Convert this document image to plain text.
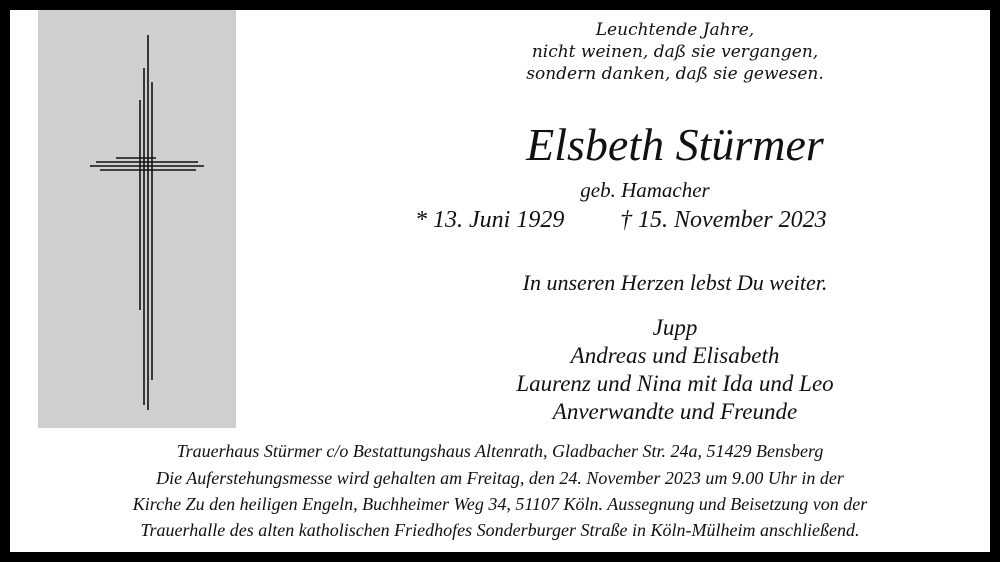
Leuchtende Jahre,
nicht weinen, daß sie vergangen,
sondern danken, daß sie gewesen.
Elsbeth Stürmer
geb. Hamacher
* 13. Juni 1929 † 15. November 2023
In unseren Herzen lebst Du weiter.
Jupp
Andreas und Elisabeth
Laurenz und Nina mit Ida und Leo
Anverwandte und Freunde
Trauerhaus Stürmer c/o Bestattungshaus Altenrath, Gladbacher Str. 24a, 51429 Bensberg
Die Auferstehungsmesse wird gehalten am Freitag, den 24. November 2023 um 9.00 Uhr in der
Kirche Zu den heiligen Engeln, Buchheimer Weg 34, 51107 Köln. Aussegnung und Beisetzung von der
Trauerhalle des alten katholischen Friedhofes Sonderburger Straße in Köln-Mülheim anschließend.
